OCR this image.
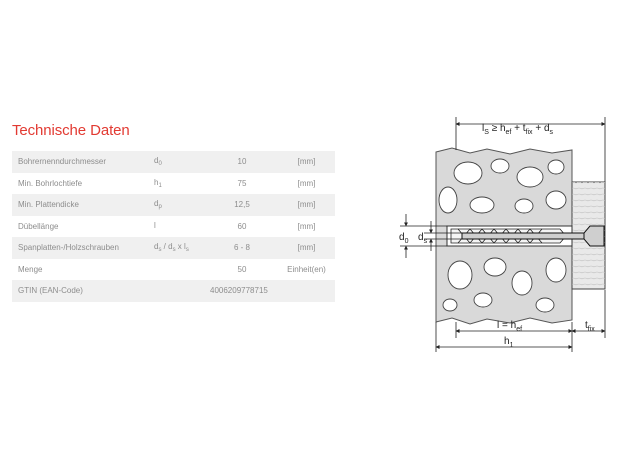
Technische Daten
Bohrernenndurchmesser	$d_0$	10	[mm]
Min. Bohrlochtiefe	$h_1$	75	[mm]
Min. Plattendicke	$d_p$	12,5	[mm]
Dübellänge	l	60	[mm]
Spanplatten-/Holzschrauben	$d_s / d_s$ x $l_s$	6 - 8	[mm]
Menge		50	Einheit(en)
GTIN (EAN-Code)	4006209778715		
$l_S \ge h_{ef} + t_{fix} + d_s$
$d_0$ $d_s$
$l = h_{ef}$	$t_{fix}$
$h_1$
